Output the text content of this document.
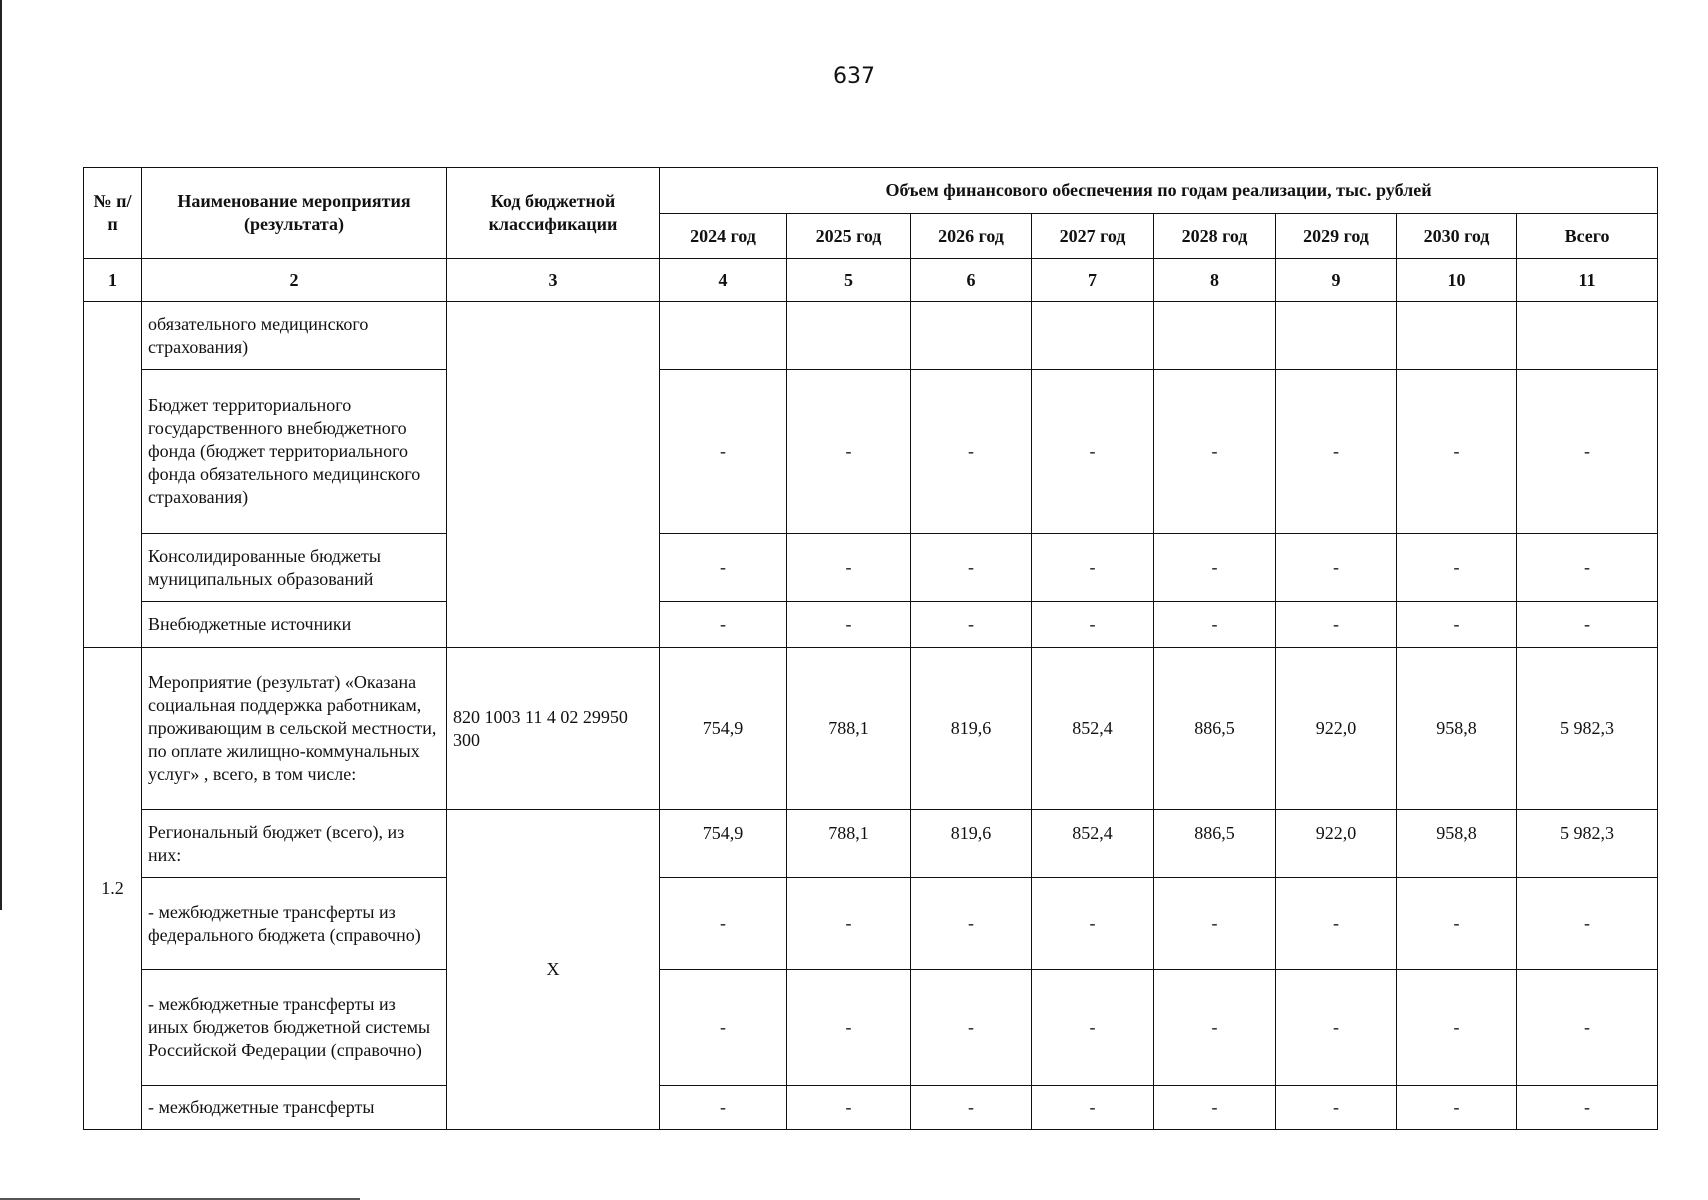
637
№ п/п	Наименование мероприятия (результата)	Код бюджетной классификации	Объем финансового обеспечения по годам реализации, тыс. рублей							
			2024 год	2025 год	2026 год	2027 год	2028 год	2029 год	2030 год	Всего
1	2	3	4	5	6	7	8	9	10	11
	обязательного медицинского страхования)									
	Бюджет территориального государственного внебюджетного фонда (бюджет территориального фонда обязательного медицинского страхования)		-	-	-	-	-	-	-	-
	Консолидированные бюджеты муниципальных образований		-	-	-	-	-	-	-	-
	Внебюджетные источники		-	-	-	-	-	-	-	-
1.2	Мероприятие (результат) «Оказана социальная поддержка работникам, проживающим в сельской местности, по оплате жилищно-коммунальных услуг» , всего, в том числе:	820 1003 11 4 02 29950 300	754,9	788,1	819,6	852,4	886,5	922,0	958,8	5 982,3
	Региональный бюджет (всего), из них:	X	754,9	788,1	819,6	852,4	886,5	922,0	958,8	5 982,3
	- межбюджетные трансферты из федерального бюджета (справочно)		-	-	-	-	-	-	-	-
	- межбюджетные трансферты из иных бюджетов бюджетной системы Российской Федерации (справочно)		-	-	-	-	-	-	-	-
	- межбюджетные трансферты		-	-	-	-	-	-	-	-
